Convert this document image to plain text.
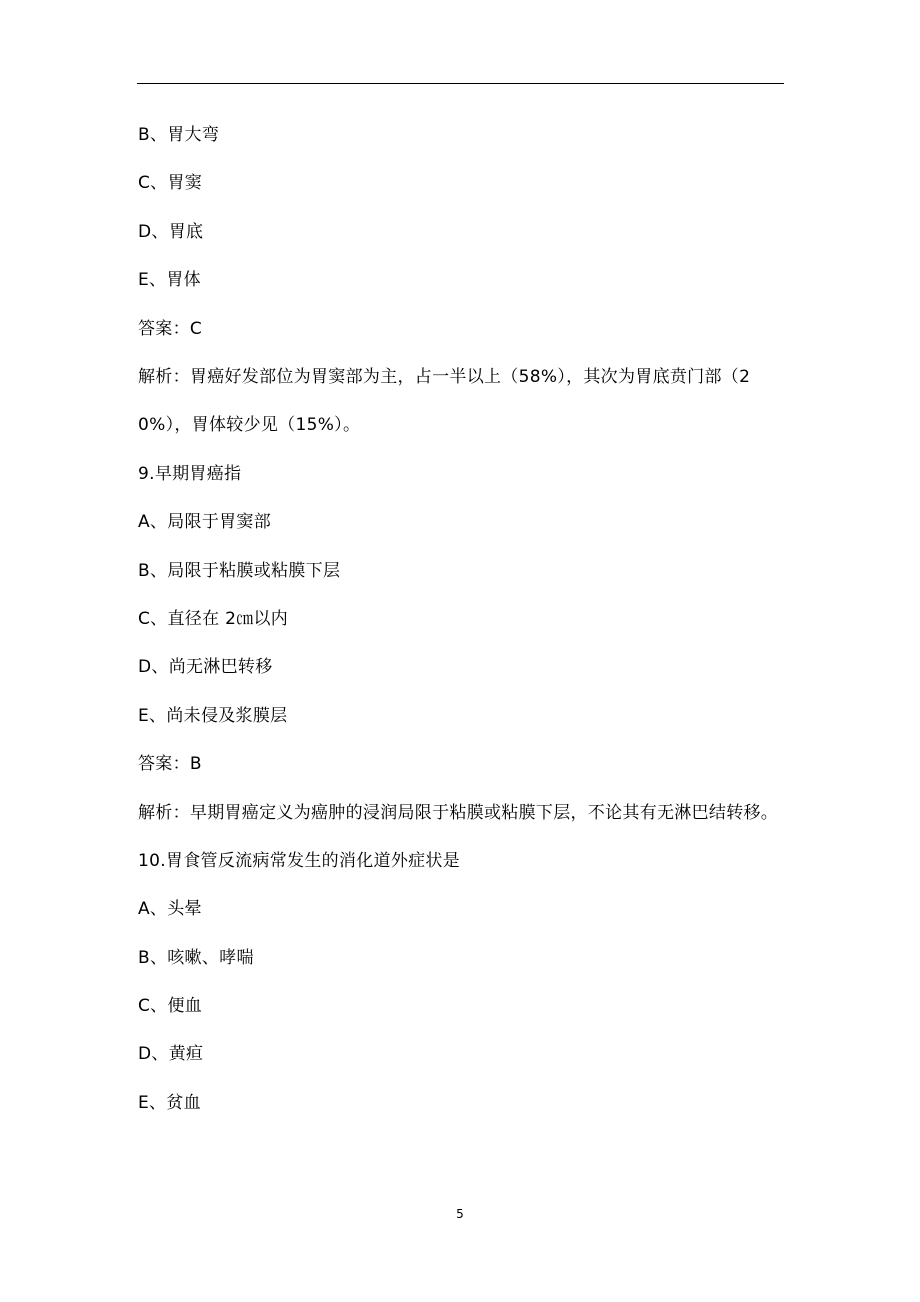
B、胃大弯
C、胃窦
D、胃底
E、胃体
答案：C
解析：胃癌好发部位为胃窦部为主，占一半以上（58%），其次为胃底贲门部（20%），胃体较少见（15%）。
9.早期胃癌指
A、局限于胃窦部
B、局限于粘膜或粘膜下层
C、直径在 2㎝以内
D、尚无淋巴转移
E、尚未侵及浆膜层
答案：B
解析：早期胃癌定义为癌肿的浸润局限于粘膜或粘膜下层，不论其有无淋巴结转移。
10.胃食管反流病常发生的消化道外症状是
A、头晕
B、咳嗽、哮喘
C、便血
D、黄疸
E、贫血
5
